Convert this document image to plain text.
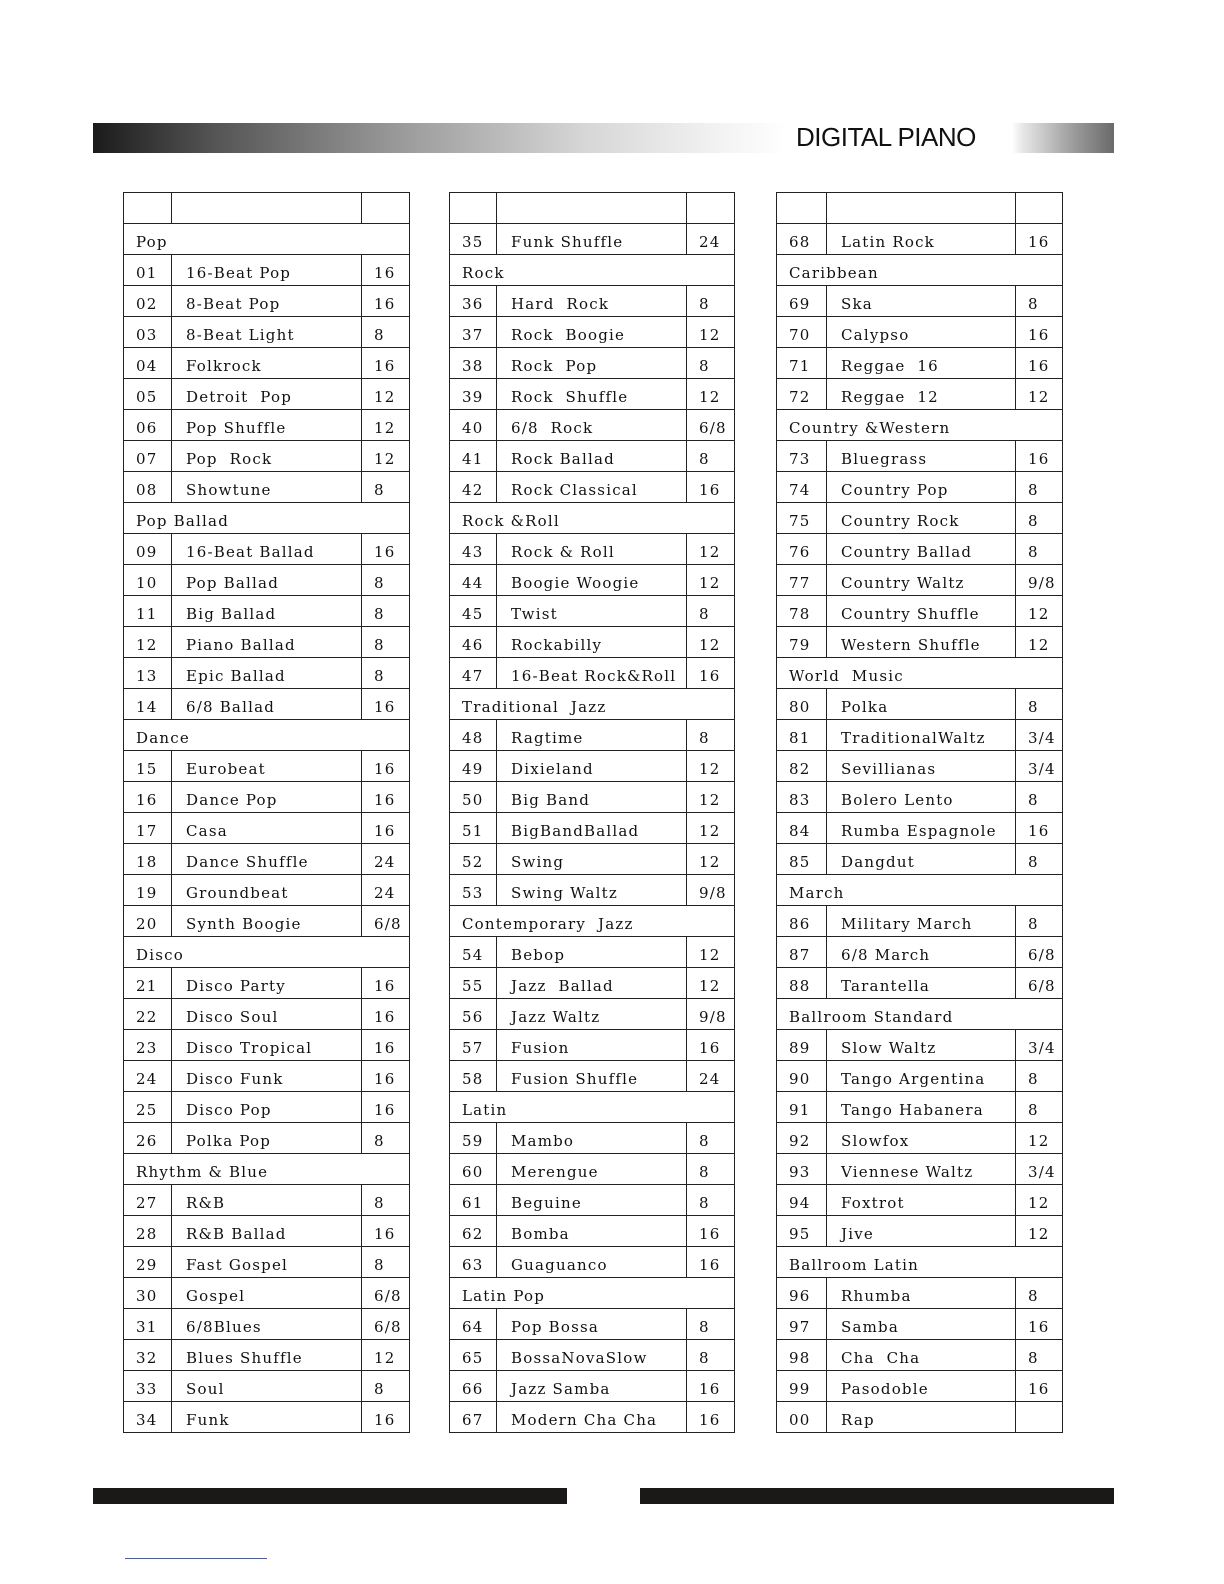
DIGITAL PIANO

Pop		
01	16-Beat Pop	16
02	8-Beat Pop	16
03	8-Beat Light	8
04	Folkrock	16
05	Detroit  Pop	12
06	Pop Shuffle	12
07	Pop  Rock	12
08	Showtune	8
Pop Ballad		
09	16-Beat Ballad	16
10	Pop Ballad	8
11	Big Ballad	8
12	Piano Ballad	8
13	Epic Ballad	8
14	6/8 Ballad	16
Dance		
15	Eurobeat	16
16	Dance Pop	16
17	Casa	16
18	Dance Shuffle	24
19	Groundbeat	24
20	Synth Boogie	6/8
Disco		
21	Disco Party	16
22	Disco Soul	16
23	Disco Tropical	16
24	Disco Funk	16
25	Disco Pop	16
26	Polka Pop	8
Rhythm & Blue		
27	R&B	8
28	R&B Ballad	16
29	Fast Gospel	8
30	Gospel	6/8
31	6/8Blues	6/8
32	Blues Shuffle	12
33	Soul	8
34	Funk	16

35	Funk Shuffle	24
Rock		
36	Hard  Rock	8
37	Rock  Boogie	12
38	Rock  Pop	8
39	Rock  Shuffle	12
40	6/8  Rock	6/8
41	Rock Ballad	8
42	Rock Classical	16
Rock &Roll		
43	Rock & Roll	12
44	Boogie Woogie	12
45	Twist	8
46	Rockabilly	12
47	16-Beat Rock&Roll	16
Traditional  Jazz		
48	Ragtime	8
49	Dixieland	12
50	Big Band	12
51	BigBandBallad	12
52	Swing	12
53	Swing Waltz	9/8
Contemporary  Jazz		
54	Bebop	12
55	Jazz  Ballad	12
56	Jazz Waltz	9/8
57	Fusion	16
58	Fusion Shuffle	24
Latin		
59	Mambo	8
60	Merengue	8
61	Beguine	8
62	Bomba	16
63	Guaguanco	16
Latin Pop		
64	Pop Bossa	8
65	BossaNovaSlow	8
66	Jazz Samba	16
67	Modern Cha Cha	16

68	Latin Rock	16
Caribbean		
69	Ska	8
70	Calypso	16
71	Reggae  16	16
72	Reggae  12	12
Country &Western		
73	Bluegrass	16
74	Country Pop	8
75	Country Rock	8
76	Country Ballad	8
77	Country Waltz	9/8
78	Country Shuffle	12
79	Western Shuffle	12
World  Music		
80	Polka	8
81	TraditionalWaltz	3/4
82	Sevillianas	3/4
83	Bolero Lento	8
84	Rumba Espagnole	16
85	Dangdut	8
March		
86	Military March	8
87	6/8 March	6/8
88	Tarantella	6/8
Ballroom Standard		
89	Slow Waltz	3/4
90	Tango Argentina	8
91	Tango Habanera	8
92	Slowfox	12
93	Viennese Waltz	3/4
94	Foxtrot	12
95	Jive	12
Ballroom Latin		
96	Rhumba	8
97	Samba	16
98	Cha  Cha	8
99	Pasodoble	16
00	Rap	
